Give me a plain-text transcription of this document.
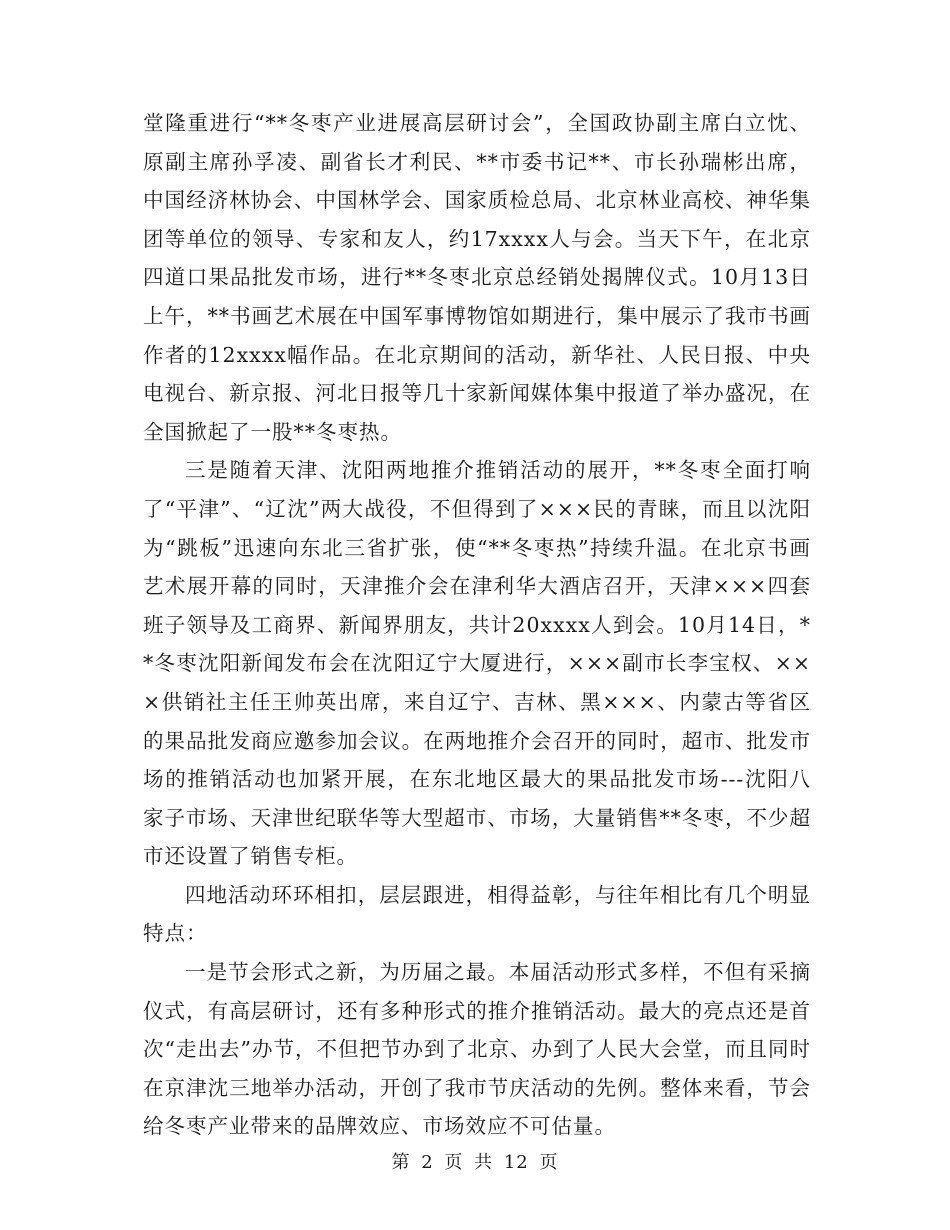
堂隆重进行“**冬枣产业进展高层研讨会”，全国政协副主席白立忱、原副主席孙孚凌、副省长才利民、**市委书记**、市长孙瑞彬出席，中国经济林协会、中国林学会、国家质检总局、北京林业高校、神华集团等单位的领导、专家和友人，约17xxxx人与会。当天下午，在北京四道口果品批发市场，进行**冬枣北京总经销处揭牌仪式。10月13日上午，**书画艺术展在中国军事博物馆如期进行，集中展示了我市书画作者的12xxxx幅作品。在北京期间的活动，新华社、人民日报、中央电视台、新京报、河北日报等几十家新闻媒体集中报道了举办盛况，在全国掀起了一股**冬枣热。

三是随着天津、沈阳两地推介推销活动的展开，**冬枣全面打响了“平津”、“辽沈”两大战役，不但得到了×××民的青睐，而且以沈阳为“跳板”迅速向东北三省扩张，使“**冬枣热”持续升温。在北京书画艺术展开幕的同时，天津推介会在津利华大酒店召开，天津×××四套班子领导及工商界、新闻界朋友，共计20xxxx人到会。10月14日，**冬枣沈阳新闻发布会在沈阳辽宁大厦进行，×××副市长李宝权、×××供销社主任王帅英出席，来自辽宁、吉林、黑×××、内蒙古等省区的果品批发商应邀参加会议。在两地推介会召开的同时，超市、批发市场的推销活动也加紧开展，在东北地区最大的果品批发市场---沈阳八家子市场、天津世纪联华等大型超市、市场，大量销售**冬枣，不少超市还设置了销售专柜。

四地活动环环相扣，层层跟进，相得益彰，与往年相比有几个明显特点：

一是节会形式之新，为历届之最。本届活动形式多样，不但有采摘仪式，有高层研讨，还有多种形式的推介推销活动。最大的亮点还是首次“走出去”办节，不但把节办到了北京、办到了人民大会堂，而且同时在京津沈三地举办活动，开创了我市节庆活动的先例。整体来看，节会给冬枣产业带来的品牌效应、市场效应不可估量。

第 2 页 共 12 页
